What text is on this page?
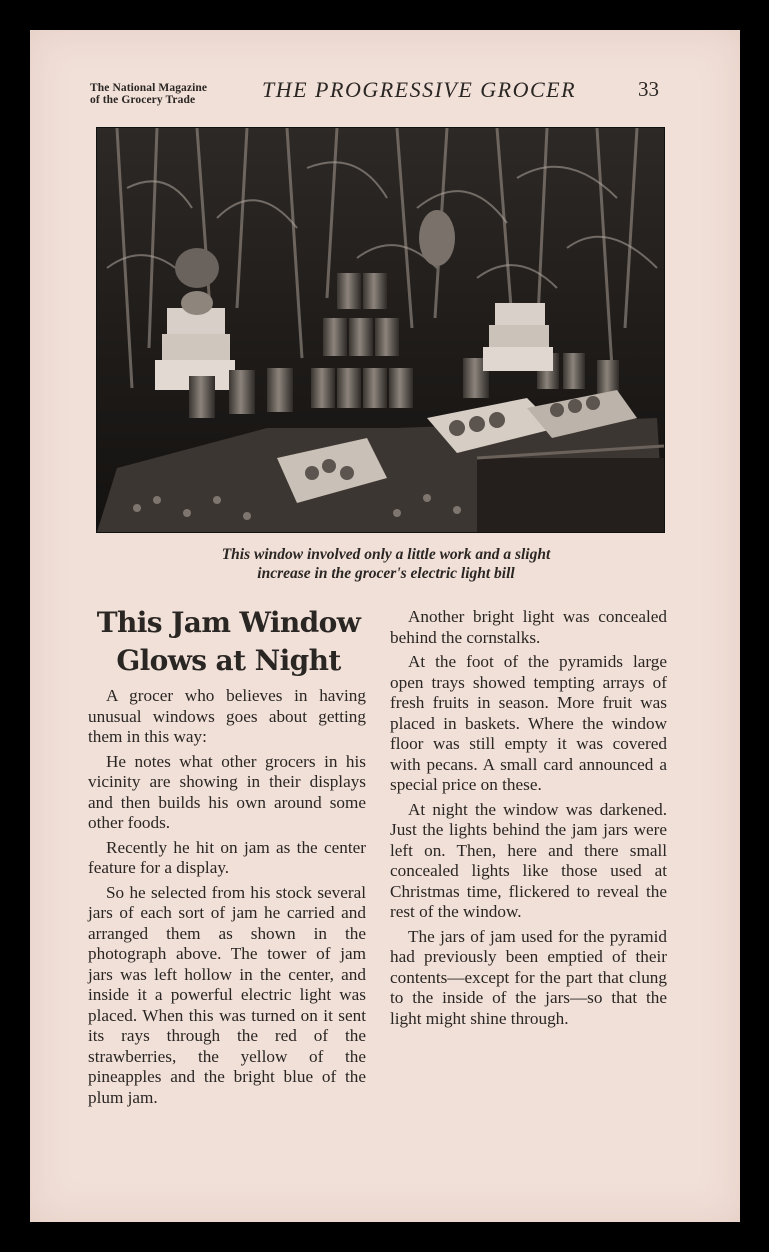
The National Magazine
of the Grocery Trade	THE PROGRESSIVE GROCER	33
This window involved only a little work and a slight
increase in the grocer's electric light bill
This Jam Window
Glows at Night

A grocer who believes in having unusual windows goes about getting them in this way:

He notes what other grocers in his vicinity are showing in their displays and then builds his own around some other foods.

Recently he hit on jam as the center feature for a display.

So he selected from his stock several jars of each sort of jam he carried and arranged them as shown in the photograph above. The tower of jam jars was left hollow in the center, and inside it a powerful electric light was placed. When this was turned on it sent its rays through the red of the strawberries, the yellow of the pineapples and the bright blue of the plum jam.

Another bright light was concealed behind the cornstalks.

At the foot of the pyramids large open trays showed tempting arrays of fresh fruits in season. More fruit was placed in baskets. Where the window floor was still empty it was covered with pecans. A small card announced a special price on these.

At night the window was darkened. Just the lights behind the jam jars were left on. Then, here and there small concealed lights like those used at Christmas time, flickered to reveal the rest of the window.

The jars of jam used for the pyramid had previously been emptied of their contents—except for the part that clung to the inside of the jars—so that the light might shine through.
